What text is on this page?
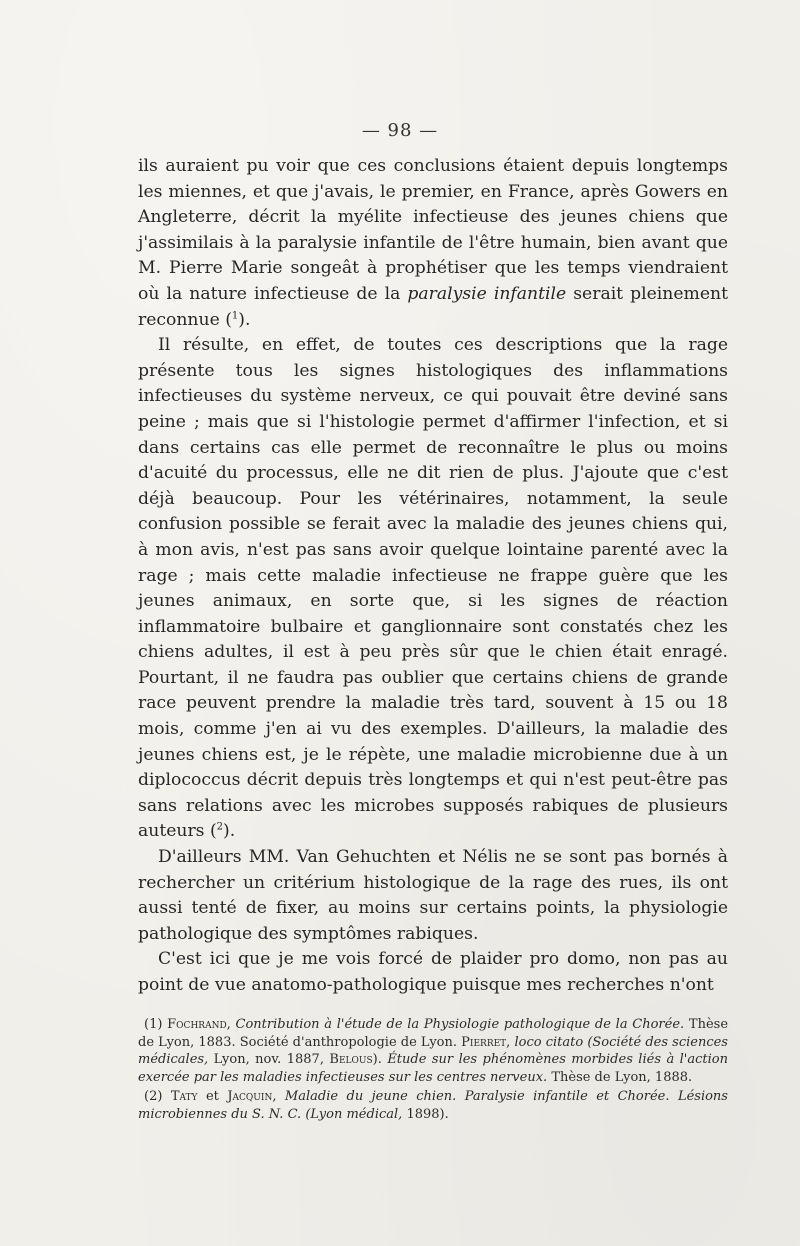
— 98 —

ils auraient pu voir que ces conclusions étaient depuis longtemps les miennes, et que j'avais, le premier, en France, après Gowers en Angleterre, décrit la myélite infectieuse des jeunes chiens que j'assimilais à la paralysie infantile de l'être humain, bien avant que M. Pierre Marie songeât à prophétiser que les temps viendraient où la nature infectieuse de la paralysie infantile serait pleinement reconnue ($^1$).

Il résulte, en effet, de toutes ces descriptions que la rage présente tous les signes histologiques des inflammations infectieuses du système nerveux, ce qui pouvait être deviné sans peine ; mais que si l'histologie permet d'affirmer l'infection, et si dans certains cas elle permet de reconnaître le plus ou moins d'acuité du processus, elle ne dit rien de plus. J'ajoute que c'est déjà beaucoup. Pour les vétérinaires, notamment, la seule confusion possible se ferait avec la maladie des jeunes chiens qui, à mon avis, n'est pas sans avoir quelque lointaine parenté avec la rage ; mais cette maladie infectieuse ne frappe guère que les jeunes animaux, en sorte que, si les signes de réaction inflammatoire bulbaire et ganglionnaire sont constatés chez les chiens adultes, il est à peu près sûr que le chien était enragé. Pourtant, il ne faudra pas oublier que certains chiens de grande race peuvent prendre la maladie très tard, souvent à 15 ou 18 mois, comme j'en ai vu des exemples. D'ailleurs, la maladie des jeunes chiens est, je le répète, une maladie microbienne due à un diplococcus décrit depuis très longtemps et qui n'est peut-être pas sans relations avec les microbes supposés rabiques de plusieurs auteurs ($^2$).

D'ailleurs MM. Van Gehuchten et Nélis ne se sont pas bornés à rechercher un critérium histologique de la rage des rues, ils ont aussi tenté de fixer, au moins sur certains points, la physiologie pathologique des symptômes rabiques.

C'est ici que je me vois forcé de plaider pro domo, non pas au point de vue anatomo-pathologique puisque mes recherches n'ont

(1) Fochrand, Contribution à l'étude de la Physiologie pathologique de la Chorée. Thèse de Lyon, 1883. Société d'anthropologie de Lyon. Pierret, loco citato (Société des sciences médicales, Lyon, nov. 1887, Belous). Étude sur les phénomènes morbides liés à l'action exercée par les maladies infectieuses sur les centres nerveux. Thèse de Lyon, 1888.

(2) Taty et Jacquin, Maladie du jeune chien. Paralysie infantile et Chorée. Lésions microbiennes du S. N. C. (Lyon médical, 1898).
